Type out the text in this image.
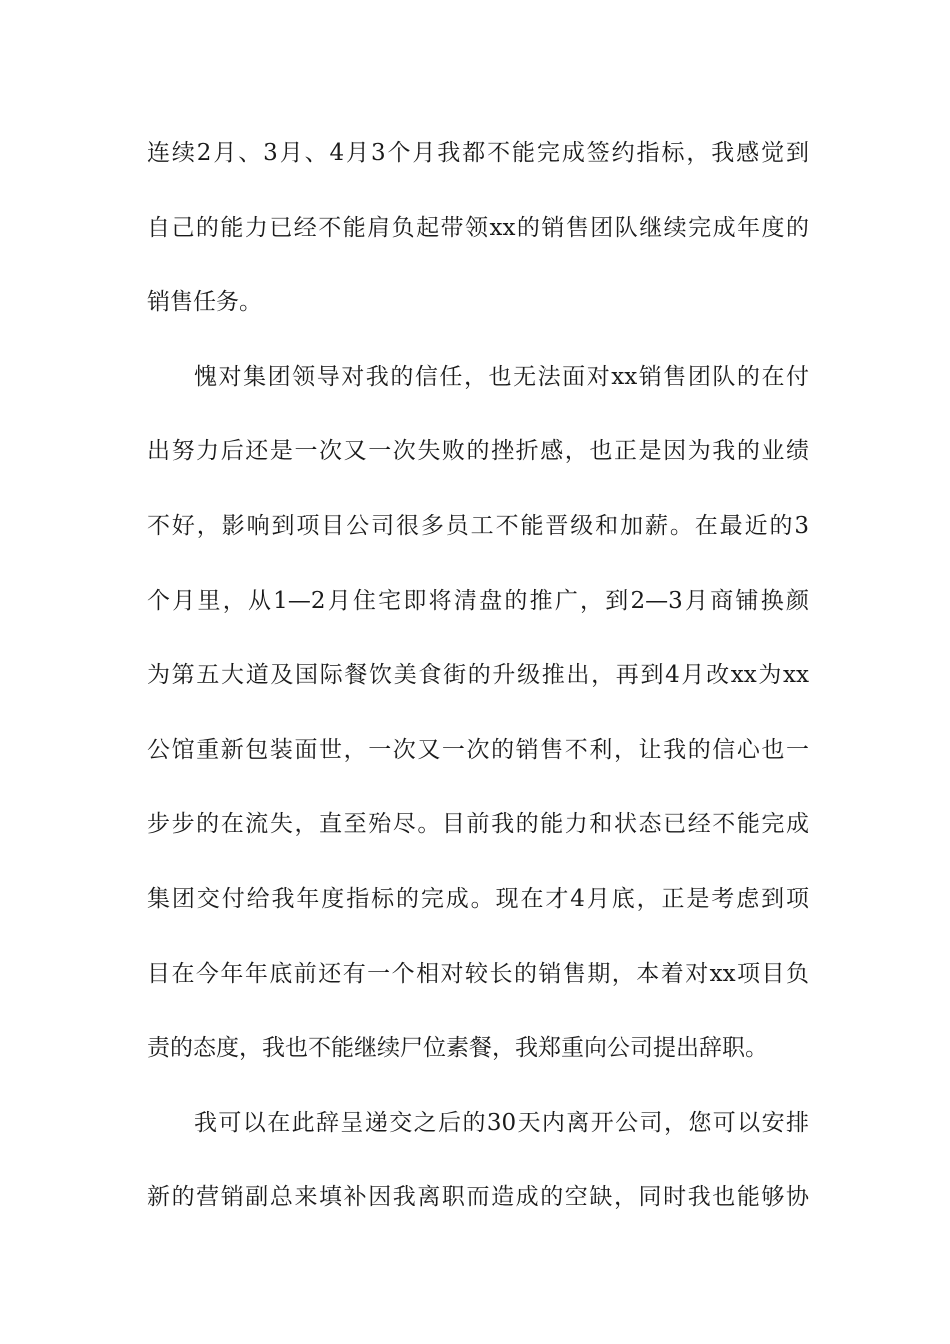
连续2月、3月、4月3个月我都不能完成签约指标，我感觉到
自己的能力已经不能肩负起带领xx的销售团队继续完成年度的
销售任务。
愧对集团领导对我的信任，也无法面对xx销售团队的在付
出努力后还是一次又一次失败的挫折感，也正是因为我的业绩
不好，影响到项目公司很多员工不能晋级和加薪。在最近的3
个月里，从1—2月住宅即将清盘的推广，到2—3月商铺换颜
为第五大道及国际餐饮美食街的升级推出，再到4月改xx为xx
公馆重新包装面世，一次又一次的销售不利，让我的信心也一
步步的在流失，直至殆尽。目前我的能力和状态已经不能完成
集团交付给我年度指标的完成。现在才4月底，正是考虑到项
目在今年年底前还有一个相对较长的销售期，本着对xx项目负
责的态度，我也不能继续尸位素餐，我郑重向公司提出辞职。
我可以在此辞呈递交之后的30天内离开公司，您可以安排
新的营销副总来填补因我离职而造成的空缺，同时我也能够协
